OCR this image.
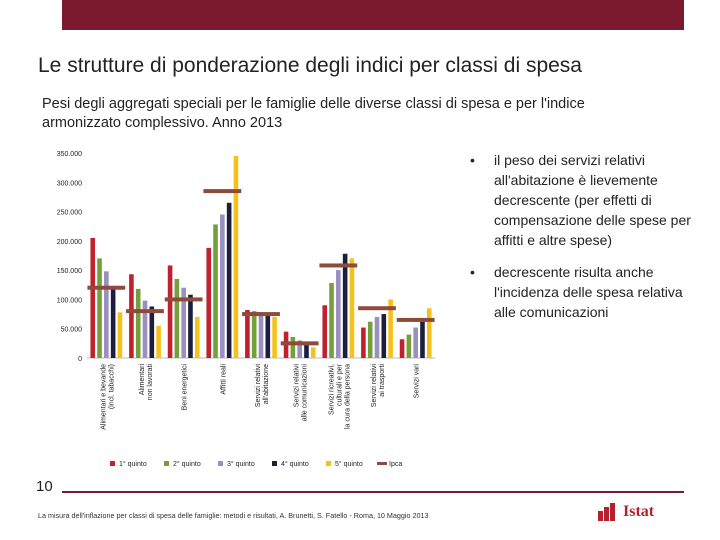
Le strutture di ponderazione degli indici per classi di spesa
Pesi degli aggregati speciali per le famiglie delle diverse classi di spesa e per l'indice armonizzato complessivo. Anno 2013
0
50.000
100.000
150.000
200.000
250.000
300.000
350.000
Alimentari e bevande (incl. tabacchi)	Alimentari non lavorati	Beni energetici	Affitti reali	Servizi relativi all'abitazione	Servizi relativi alle comunicazioni	Servizi ricreativi, culturali e per la cura della persona	Servizi relativi ai trasporti	Servizi vari
1° quinto	2° quinto	3° quinto	4° quinto	5° quinto	Ipca
•	il peso dei servizi relativi all'abitazione è lievemente decrescente (per effetti di compensazione delle spese per affitti e altre spese)
•	decrescente risulta anche l'incidenza delle spesa relativa alle comunicazioni
10
La misura dell'inflazione per classi di spesa delle famiglie: metodi e risultati, A. Brunetti, S. Fatello - Roma, 10 Maggio 2013	Istat
